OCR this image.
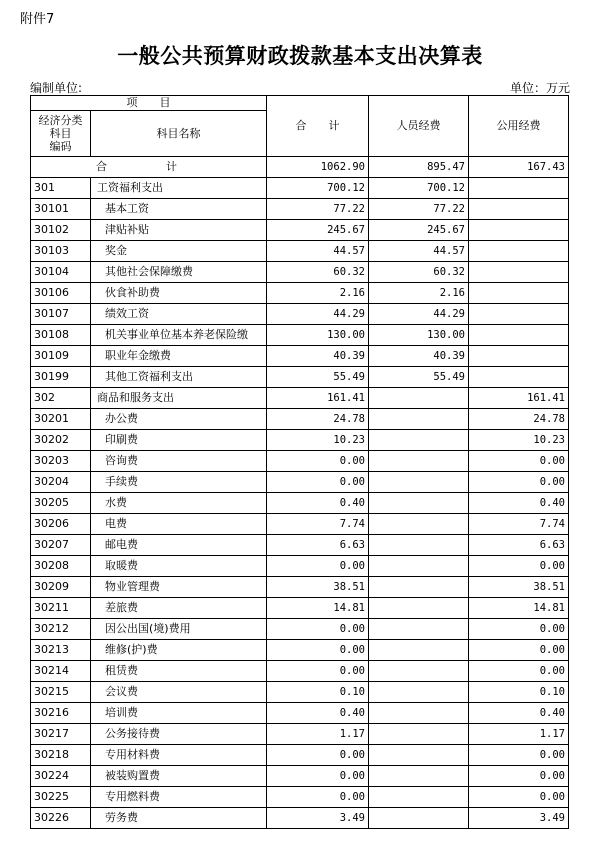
附件7
一般公共预算财政拨款基本支出决算表
编制单位:	单位：万元
项　　目		合　　计	人员经费	公用经费

经济分类
科目
编码	科目名称			
合　计		1062.90	895.47	167.43
301	工资福利支出	700.12	700.12	
30101	基本工资	77.22	77.22	
30102	津贴补贴	245.67	245.67	
30103	奖金	44.57	44.57	
30104	其他社会保障缴费	60.32	60.32	
30106	伙食补助费	2.16	2.16	
30107	绩效工资	44.29	44.29	
30108	机关事业单位基本养老保险缴	130.00	130.00	
30109	职业年金缴费	40.39	40.39	
30199	其他工资福利支出	55.49	55.49	
302	商品和服务支出	161.41		161.41
30201	办公费	24.78		24.78
30202	印刷费	10.23		10.23
30203	咨询费	0.00		0.00
30204	手续费	0.00		0.00
30205	水费	0.40		0.40
30206	电费	7.74		7.74
30207	邮电费	6.63		6.63
30208	取暖费	0.00		0.00
30209	物业管理费	38.51		38.51
30211	差旅费	14.81		14.81
30212	因公出国(境)费用	0.00		0.00
30213	维修(护)费	0.00		0.00
30214	租赁费	0.00		0.00
30215	会议费	0.10		0.10
30216	培训费	0.40		0.40
30217	公务接待费	1.17		1.17
30218	专用材料费	0.00		0.00
30224	被装购置费	0.00		0.00
30225	专用燃料费	0.00		0.00
30226	劳务费	3.49		3.49
